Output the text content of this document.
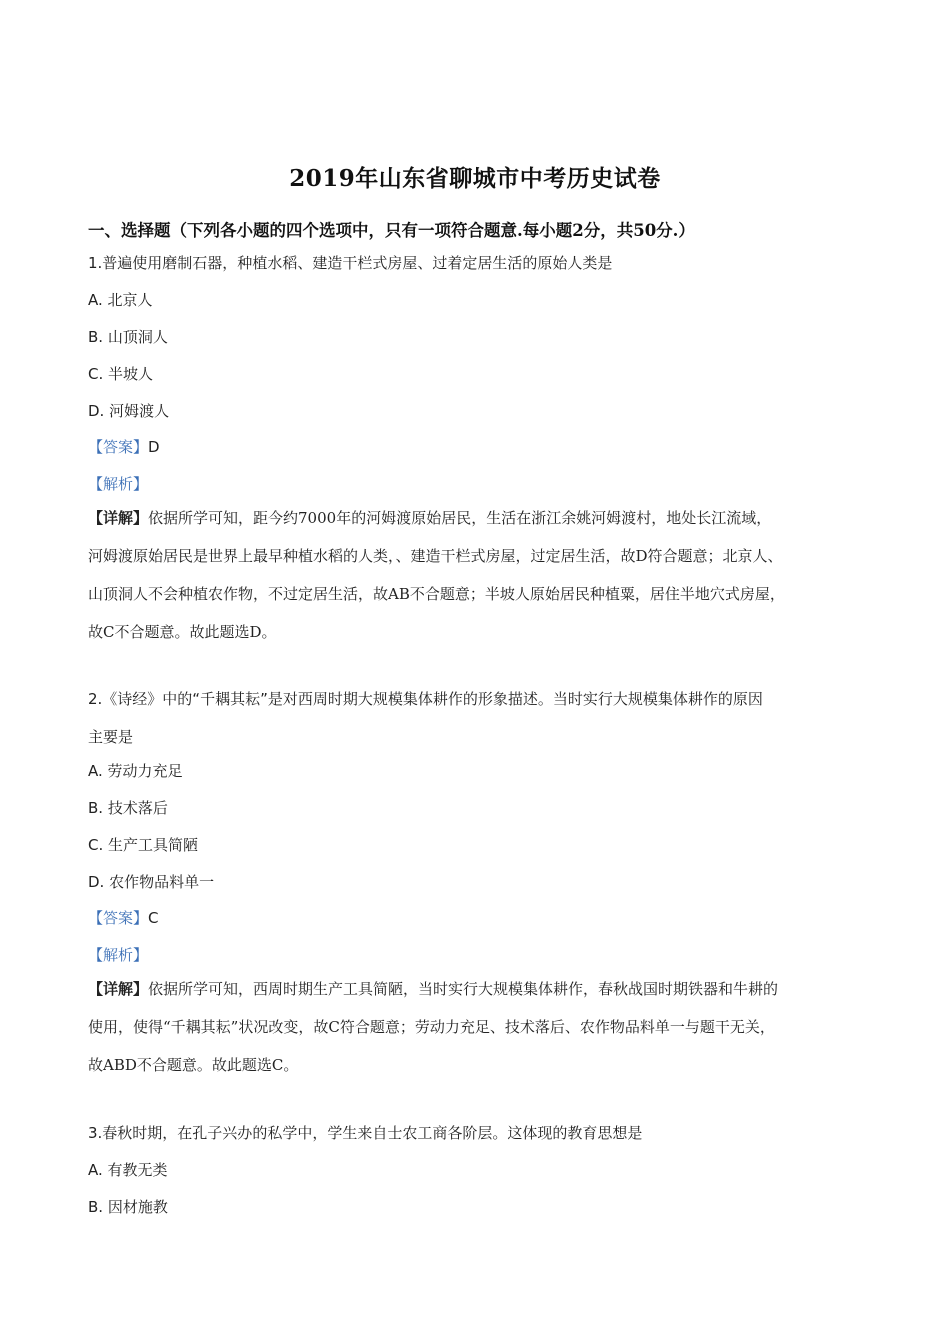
2019年山东省聊城市中考历史试卷
一、选择题（下列各小题的四个选项中，只有一项符合题意.每小题2分，共50分.）
1.普遍使用磨制石器，种植水稻、建造干栏式房屋、过着定居生活的原始人类是
A. 北京人
B. 山顶洞人
C. 半坡人
D. 河姆渡人
【答案】D
【解析】
【详解】依据所学可知，距今约7000年的河姆渡原始居民，生活在浙江余姚河姆渡村，地处长江流域，
河姆渡原始居民是世界上最早种植水稻的人类，、建造干栏式房屋，过定居生活，故D符合题意；北京人、
山顶洞人不会种植农作物，不过定居生活，故AB不合题意；半坡人原始居民种植粟，居住半地穴式房屋，
故C不合题意。故此题选D。
2.《诗经》中的“千耦其耘”是对西周时期大规模集体耕作的形象描述。当时实行大规模集体耕作的原因
主要是
A. 劳动力充足
B. 技术落后
C. 生产工具简陋
D. 农作物品料单一
【答案】C
【解析】
【详解】依据所学可知，西周时期生产工具简陋，当时实行大规模集体耕作，春秋战国时期铁器和牛耕的
使用，使得“千耦其耘”状况改变，故C符合题意；劳动力充足、技术落后、农作物品料单一与题干无关，
故ABD不合题意。故此题选C。
3.春秋时期，在孔子兴办的私学中，学生来自士农工商各阶层。这体现的教育思想是
A. 有教无类
B. 因材施教
